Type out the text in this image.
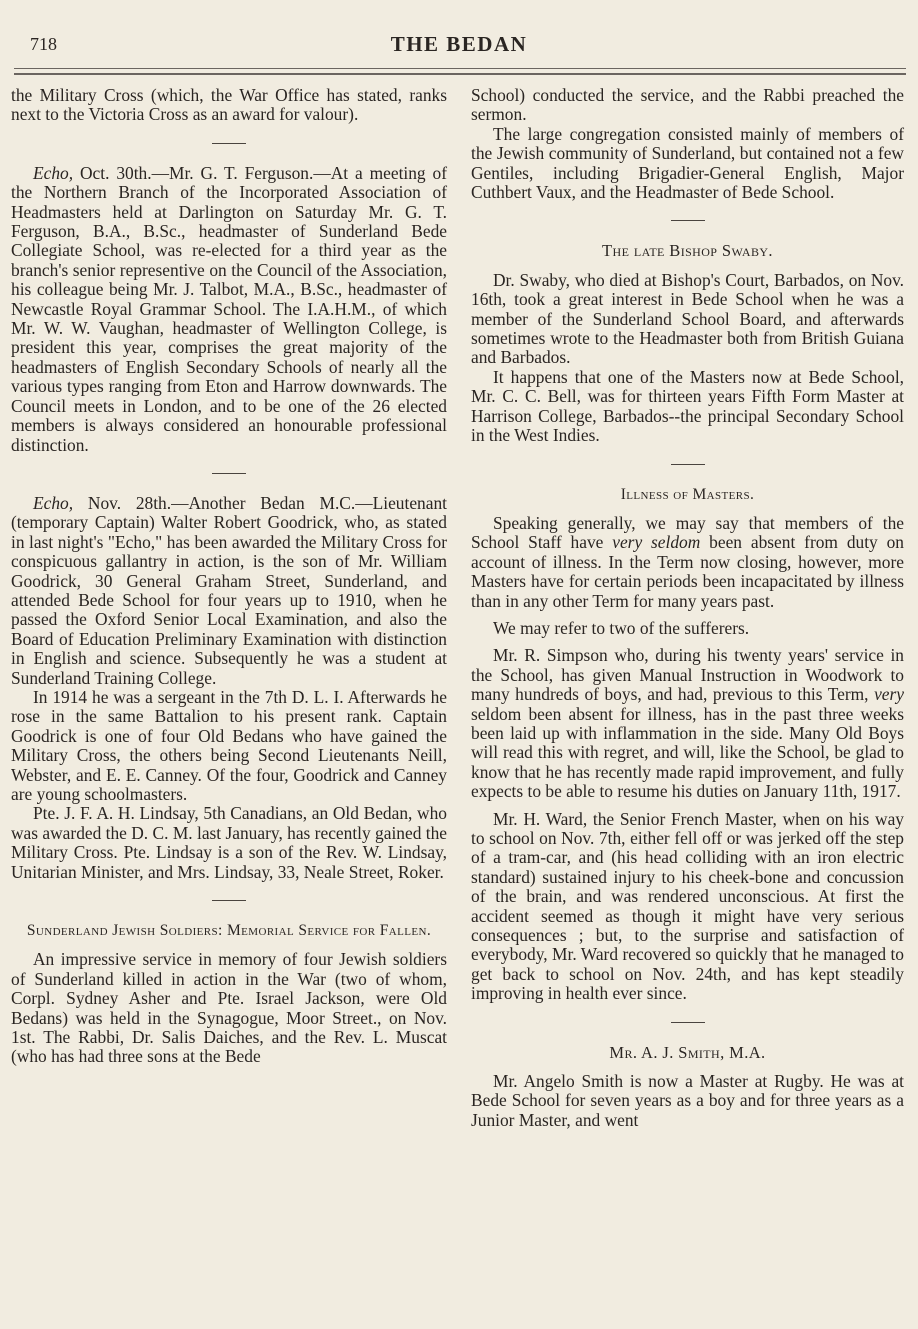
718	THE BEDAN

the Military Cross (which, the War Office has stated, ranks next to the Victoria Cross as an award for valour).

Echo, Oct. 30th.—Mr. G. T. Ferguson.—At a meeting of the Northern Branch of the Incorporated Association of Headmasters held at Darlington on Saturday Mr. G. T. Ferguson, B.A., B.Sc., headmaster of Sunderland Bede Collegiate School, was re-elected for a third year as the branch's senior representive on the Council of the Association, his colleague being Mr. J. Talbot, M.A., B.Sc., headmaster of Newcastle Royal Grammar School. The I.A.H.M., of which Mr. W. W. Vaughan, headmaster of Wellington College, is president this year, comprises the great majority of the headmasters of English Secondary Schools of nearly all the various types ranging from Eton and Harrow downwards. The Council meets in London, and to be one of the 26 elected members is always considered an honourable professional distinction.

Echo, Nov. 28th.—Another Bedan M.C.—Lieutenant (temporary Captain) Walter Robert Goodrick, who, as stated in last night's "Echo," has been awarded the Military Cross for conspicuous gallantry in action, is the son of Mr. William Goodrick, 30 General Graham Street, Sunderland, and attended Bede School for four years up to 1910, when he passed the Oxford Senior Local Examination, and also the Board of Education Preliminary Examination with distinction in English and science. Subsequently he was a student at Sunderland Training College.

In 1914 he was a sergeant in the 7th D. L. I. Afterwards he rose in the same Battalion to his present rank. Captain Goodrick is one of four Old Bedans who have gained the Military Cross, the others being Second Lieutenants Neill, Webster, and E. E. Canney. Of the four, Goodrick and Canney are young schoolmasters.

Pte. J. F. A. H. Lindsay, 5th Canadians, an Old Bedan, who was awarded the D. C. M. last January, has recently gained the Military Cross. Pte. Lindsay is a son of the Rev. W. Lindsay, Unitarian Minister, and Mrs. Lindsay, 33, Neale Street, Roker.

Sunderland Jewish Soldiers: Memorial Service for Fallen.

An impressive service in memory of four Jewish soldiers of Sunderland killed in action in the War (two of whom, Corpl. Sydney Asher and Pte. Israel Jackson, were Old Bedans) was held in the Synagogue, Moor Street., on Nov. 1st. The Rabbi, Dr. Salis Daiches, and the Rev. L. Muscat (who has had three sons at the Bede

School) conducted the service, and the Rabbi preached the sermon.

The large congregation consisted mainly of members of the Jewish community of Sunderland, but contained not a few Gentiles, including Brigadier-General English, Major Cuthbert Vaux, and the Headmaster of Bede School.

The late Bishop Swaby.

Dr. Swaby, who died at Bishop's Court, Barbados, on Nov. 16th, took a great interest in Bede School when he was a member of the Sunderland School Board, and afterwards sometimes wrote to the Headmaster both from British Guiana and Barbados.

It happens that one of the Masters now at Bede School, Mr. C. C. Bell, was for thirteen years Fifth Form Master at Harrison College, Barbados--the principal Secondary School in the West Indies.

Illness of Masters.

Speaking generally, we may say that members of the School Staff have very seldom been absent from duty on account of illness. In the Term now closing, however, more Masters have for certain periods been incapacitated by illness than in any other Term for many years past.

We may refer to two of the sufferers.

Mr. R. Simpson who, during his twenty years' service in the School, has given Manual Instruction in Woodwork to many hundreds of boys, and had, previous to this Term, very seldom been absent for illness, has in the past three weeks been laid up with inflammation in the side. Many Old Boys will read this with regret, and will, like the School, be glad to know that he has recently made rapid improvement, and fully expects to be able to resume his duties on January 11th, 1917.

Mr. H. Ward, the Senior French Master, when on his way to school on Nov. 7th, either fell off or was jerked off the step of a tram-car, and (his head colliding with an iron electric standard) sustained injury to his cheek-bone and concussion of the brain, and was rendered unconscious. At first the accident seemed as though it might have very serious consequences ; but, to the surprise and satisfaction of everybody, Mr. Ward recovered so quickly that he managed to get back to school on Nov. 24th, and has kept steadily improving in health ever since.

Mr. A. J. Smith, M.A.

Mr. Angelo Smith is now a Master at Rugby. He was at Bede School for seven years as a boy and for three years as a Junior Master, and went
